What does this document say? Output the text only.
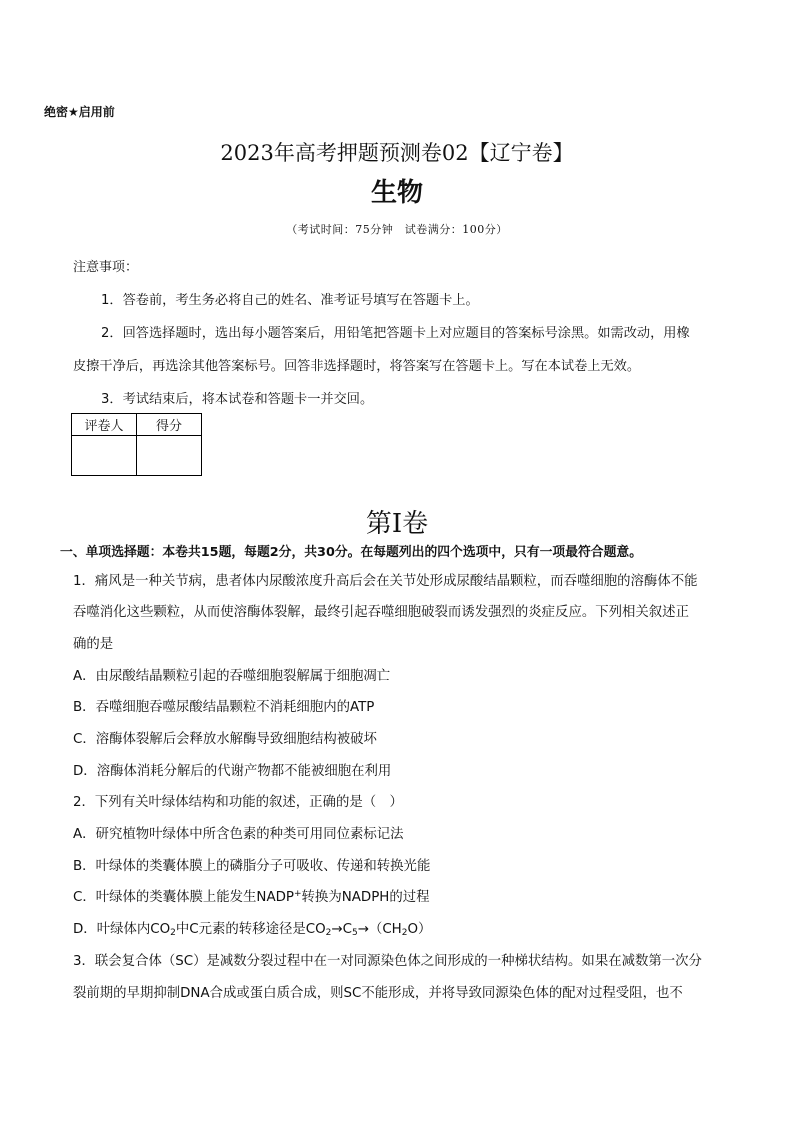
绝密★启用前
2023年高考押题预测卷02【辽宁卷】
生物
（考试时间：75分钟　试卷满分：100分）
注意事项：
1．答卷前，考生务必将自己的姓名、准考证号填写在答题卡上。
2．回答选择题时，选出每小题答案后，用铅笔把答题卡上对应题目的答案标号涂黑。如需改动，用橡
皮擦干净后，再选涂其他答案标号。回答非选择题时，将答案写在答题卡上。写在本试卷上无效。
3．考试结束后，将本试卷和答题卡一并交回。
评卷人	得分

第Ⅰ卷
一、单项选择题：本卷共15题，每题2分，共30分。在每题列出的四个选项中，只有一项最符合题意。
1．痛风是一种关节病，患者体内尿酸浓度升高后会在关节处形成尿酸结晶颗粒，而吞噬细胞的溶酶体不能
吞噬消化这些颗粒，从而使溶酶体裂解，最终引起吞噬细胞破裂而诱发强烈的炎症反应。下列相关叙述正
确的是
A．由尿酸结晶颗粒引起的吞噬细胞裂解属于细胞凋亡
B．吞噬细胞吞噬尿酸结晶颗粒不消耗细胞内的ATP
C．溶酶体裂解后会释放水解酶导致细胞结构被破坏
D．溶酶体消耗分解后的代谢产物都不能被细胞在利用
2．下列有关叶绿体结构和功能的叙述，正确的是（　）
A．研究植物叶绿体中所含色素的种类可用同位素标记法
B．叶绿体的类囊体膜上的磷脂分子可吸收、传递和转换光能
C．叶绿体的类囊体膜上能发生NADP+转换为NADPH的过程
D．叶绿体内$CO_2$中C元素的转移途径是$CO_2\to C_5\to(CH_2O)$
3．联会复合体（SC）是减数分裂过程中在一对同源染色体之间形成的一种梯状结构。如果在减数第一次分
裂前期的早期抑制DNA合成或蛋白质合成，则SC不能形成，并将导致同源染色体的配对过程受阻，也不
